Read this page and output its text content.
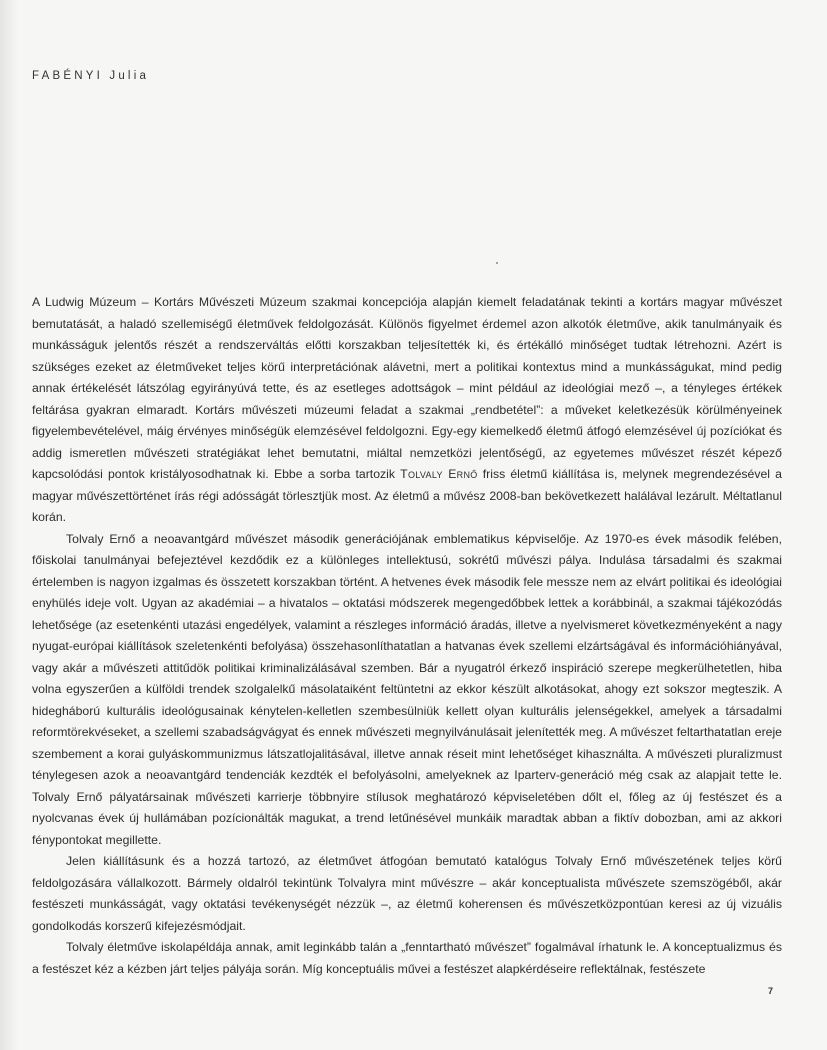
FABÉNYI Julia

A Ludwig Múzeum – Kortárs Művészeti Múzeum szakmai koncepciója alapján kiemelt feladatának tekinti a kortárs magyar művészet bemutatását, a haladó szellemiségű életművek feldolgozását. Különös figyelmet érdemel azon alkotók életműve, akik tanulmányaik és munkásságuk jelentős részét a rendszerváltás előtti korszakban teljesítették ki, és értékálló minőséget tudtak létrehozni. Azért is szükséges ezeket az életműveket teljes körű interpretációnak alávetni, mert a politikai kontextus mind a munkásságukat, mind pedig annak értékelését látszólag egyirányúvá tette, és az esetleges adottságok – mint például az ideológiai mező –, a tényleges értékek feltárása gyakran elmaradt. Kortárs művészeti múzeumi feladat a szakmai „rendbetétel”: a műveket keletkezésük körülményeinek figyelembevételével, máig érvényes minőségük elemzésével feldolgozni. Egy-egy kiemelkedő életmű átfogó elemzésével új pozíciókat és addig ismeretlen művészeti stratégiákat lehet bemutatni, miáltal nemzetközi jelentőségű, az egyetemes művészet részét képező kapcsolódási pontok kristályosodhatnak ki. Ebbe a sorba tartozik Tolvaly Ernő friss életmű kiállítása is, melynek megrendezésével a magyar művészettörténet írás régi adósságát törlesztjük most. Az életmű a művész 2008-ban bekövetkezett halálával lezárult. Méltatlanul korán.

Tolvaly Ernő a neoavantgárd művészet második generációjának emblematikus képviselője. Az 1970-es évek második felében, főiskolai tanulmányai befejeztével kezdődik ez a különleges intellektusú, sokrétű művészi pálya. Indulása társadalmi és szakmai értelemben is nagyon izgalmas és összetett korszakban történt. A hetvenes évek második fele messze nem az elvárt politikai és ideológiai enyhülés ideje volt. Ugyan az akadémiai – a hivatalos – oktatási módszerek megengedőbbek lettek a korábbinál, a szakmai tájékozódás lehetősége (az esetenkénti utazási engedélyek, valamint a részleges információ áradás, illetve a nyelvismeret következményeként a nagy nyugat-európai kiállítások szeletenkénti befolyása) összehasonlíthatatlan a hatvanas évek szellemi elzártságával és információhiányával, vagy akár a művészeti attitűdök politikai kriminalizálásával szemben. Bár a nyugatról érkező inspiráció szerepe megkerülhetetlen, hiba volna egyszerűen a külföldi trendek szolgalelkű másolataiként feltüntetni az ekkor készült alkotásokat, ahogy ezt sokszor megteszik. A hidegháború kulturális ideológusainak kénytelen-kelletlen szembesülniük kellett olyan kulturális jelenségekkel, amelyek a társadalmi reformtörekvéseket, a szellemi szabadságvágyat és ennek művészeti megnyilvánulásait jelenítették meg. A művészet feltarthatatlan ereje szembement a korai gulyáskommunizmus látszatlojalitásával, illetve annak réseit mint lehetőséget kihasználta. A művészeti pluralizmust ténylegesen azok a neoavantgárd tendenciák kezdték el befolyásolni, amelyeknek az Iparterv-generáció még csak az alapjait tette le. Tolvaly Ernő pályatársainak művészeti karrierje többnyire stílusok meghatározó képviseletében dőlt el, főleg az új festészet és a nyolcvanas évek új hullámában pozícionálták magukat, a trend letűnésével munkáik maradtak abban a fiktív dobozban, ami az akkori fénypontokat megillette.

Jelen kiállításunk és a hozzá tartozó, az életművet átfogóan bemutató katalógus Tolvaly Ernő művészetének teljes körű feldolgozására vállalkozott. Bármely oldalról tekintünk Tolvalyra mint művészre – akár konceptualista művészete szemszögéből, akár festészeti munkásságát, vagy oktatási tevékenységét nézzük –, az életmű koherensen és művészetközpontúan keresi az új vizuális gondolkodás korszerű kifejezésmódjait.

Tolvaly életműve iskolapéldája annak, amit leginkább talán a „fenntartható művészet” fogalmával írhatunk le. A konceptualizmus és a festészet kéz a kézben járt teljes pályája során. Míg konceptuális művei a festészet alapkérdéseire reflektálnak, festészete

7
